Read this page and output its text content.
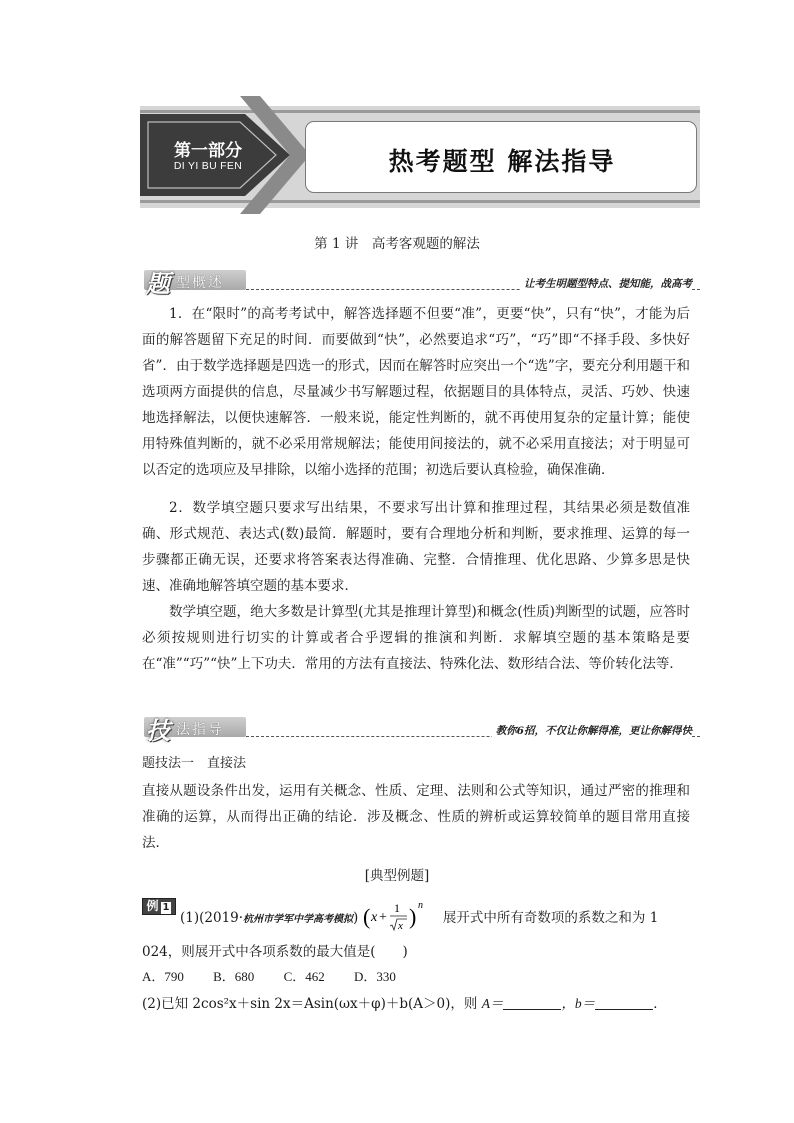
第一部分
DI YI BU FEN	热考题型 解法指导
第 1 讲　高考客观题的解法
题 型概述	让考生明题型特点、提知能，战高考
1．在“限时”的高考考试中，解答选择题不但要“准”，更要“快”，只有“快”，才能为后面的解答题留下充足的时间．而要做到“快”，必然要追求“巧”，“巧”即“不择手段、多快好省”．由于数学选择题是四选一的形式，因而在解答时应突出一个“选”字，要充分利用题干和选项两方面提供的信息，尽量减少书写解题过程，依据题目的具体特点，灵活、巧妙、快速地选择解法，以便快速解答．一般来说，能定性判断的，就不再使用复杂的定量计算；能使用特殊值判断的，就不必采用常规解法；能使用间接法的，就不必采用直接法；对于明显可以否定的选项应及早排除，以缩小选择的范围；初选后要认真检验，确保准确．
2．数学填空题只要求写出结果，不要求写出计算和推理过程，其结果必须是数值准确、形式规范、表达式(数)最简．解题时，要有合理地分析和判断，要求推理、运算的每一步骤都正确无误，还要求将答案表达得准确、完整．合情推理、优化思路、少算多思是快速、准确地解答填空题的基本要求．
数学填空题，绝大多数是计算型(尤其是推理计算型)和概念(性质)判断型的试题，应答时必须按规则进行切实的计算或者合乎逻辑的推演和判断．求解填空题的基本策略是要在“准”“巧”“快”上下功夫．常用的方法有直接法、特殊化法、数形结合法、等价转化法等．
技 法指导	教你6招，不仅让你解得准，更让你解得快
题技法一　直接法
直接从题设条件出发，运用有关概念、性质、定理、法则和公式等知识，通过严密的推理和准确的运算，从而得出正确的结论．涉及概念、性质的辨析或运算较简单的题目常用直接法．
[典型例题]
例 1
(1)(2019·杭州市学军中学高考模拟) ( x +
1
x ) n
展开式中所有奇数项的系数之和为 1
024，则展开式中各项系数的最大值是(　　)
A．790 B．680 C．462 D．330
(2)已知 2cos²x＋sin 2x＝Asin(ωx＋φ)＋b(A＞0)，则 A＝	，b＝	．
